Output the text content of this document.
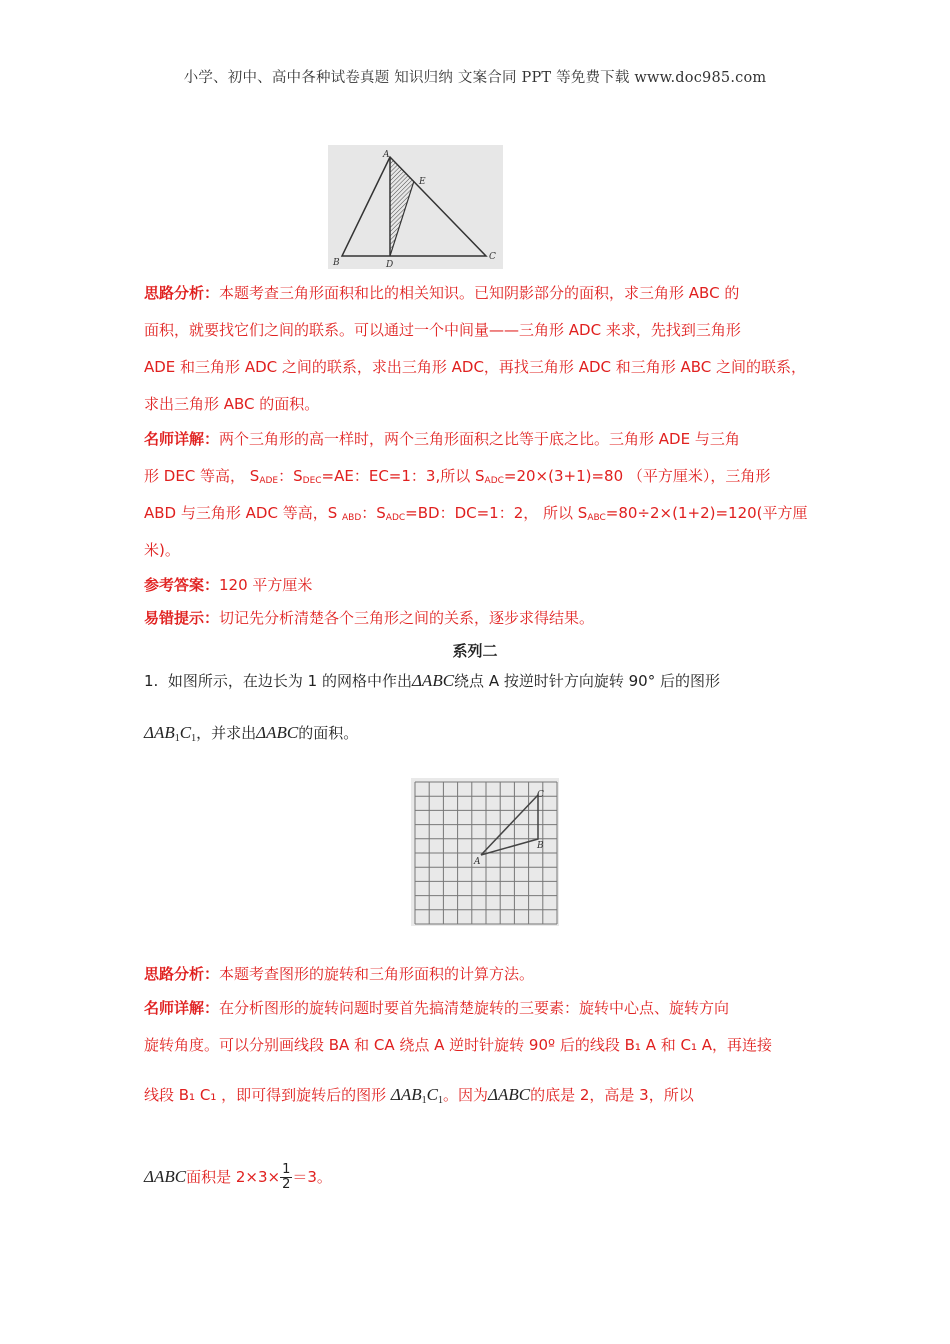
小学、初中、高中各种试卷真题 知识归纳 文案合同 PPT 等免费下载 www.doc985.com
A
E
B	D
C
思路分析：本题考查三角形面积和比的相关知识。已知阴影部分的面积，求三角形 ABC 的
面积，就要找它们之间的联系。可以通过一个中间量——三角形 ADC 来求，先找到三角形
ADE 和三角形 ADC 之间的联系，求出三角形 ADC，再找三角形 ADC 和三角形 ABC 之间的联系，
求出三角形 ABC 的面积。
名师详解：两个三角形的高一样时，两个三角形面积之比等于底之比。三角形 ADE 与三角
形 DEC 等高， $S_{ADE}$：$S_{DEC}=AE$：EC=1：3,所以 $S_{ADC}=20\times(3+1)=80$ （平方厘米），三角形
ABD 与三角形 ADC 等高，S $_{ABD}$：$S_{ADC}=BD$：DC=1：2， 所以 $S_{ABC}=80\div 2\times(1+2)=120$(平方厘
米)。
参考答案：120 平方厘米
易错提示：切记先分析清楚各个三角形之间的关系，逐步求得结果。
系列二
1. 如图所示，在边长为 1 的网格中作出ΔABC绕点 A 按逆时针方向旋转 90° 后的图形
ΔAB1C1，并求出ΔABC的面积。
A
B
C
思路分析：本题考查图形的旋转和三角形面积的计算方法。
名师详解：在分析图形的旋转问题时要首先搞清楚旋转的三要素：旋转中心点、旋转方向
旋转角度。可以分别画线段 BA 和 CA 绕点 A 逆时针旋转 90º 后的线段 B₁ A 和 C₁ A，再连接
线段 B₁ C₁ ，即可得到旋转后的图形 ΔAB1C1。因为ΔABC的底是 2，高是 3，所以
ΔABC面积是 $2\times 3\times \frac{1}{2} =3$。
